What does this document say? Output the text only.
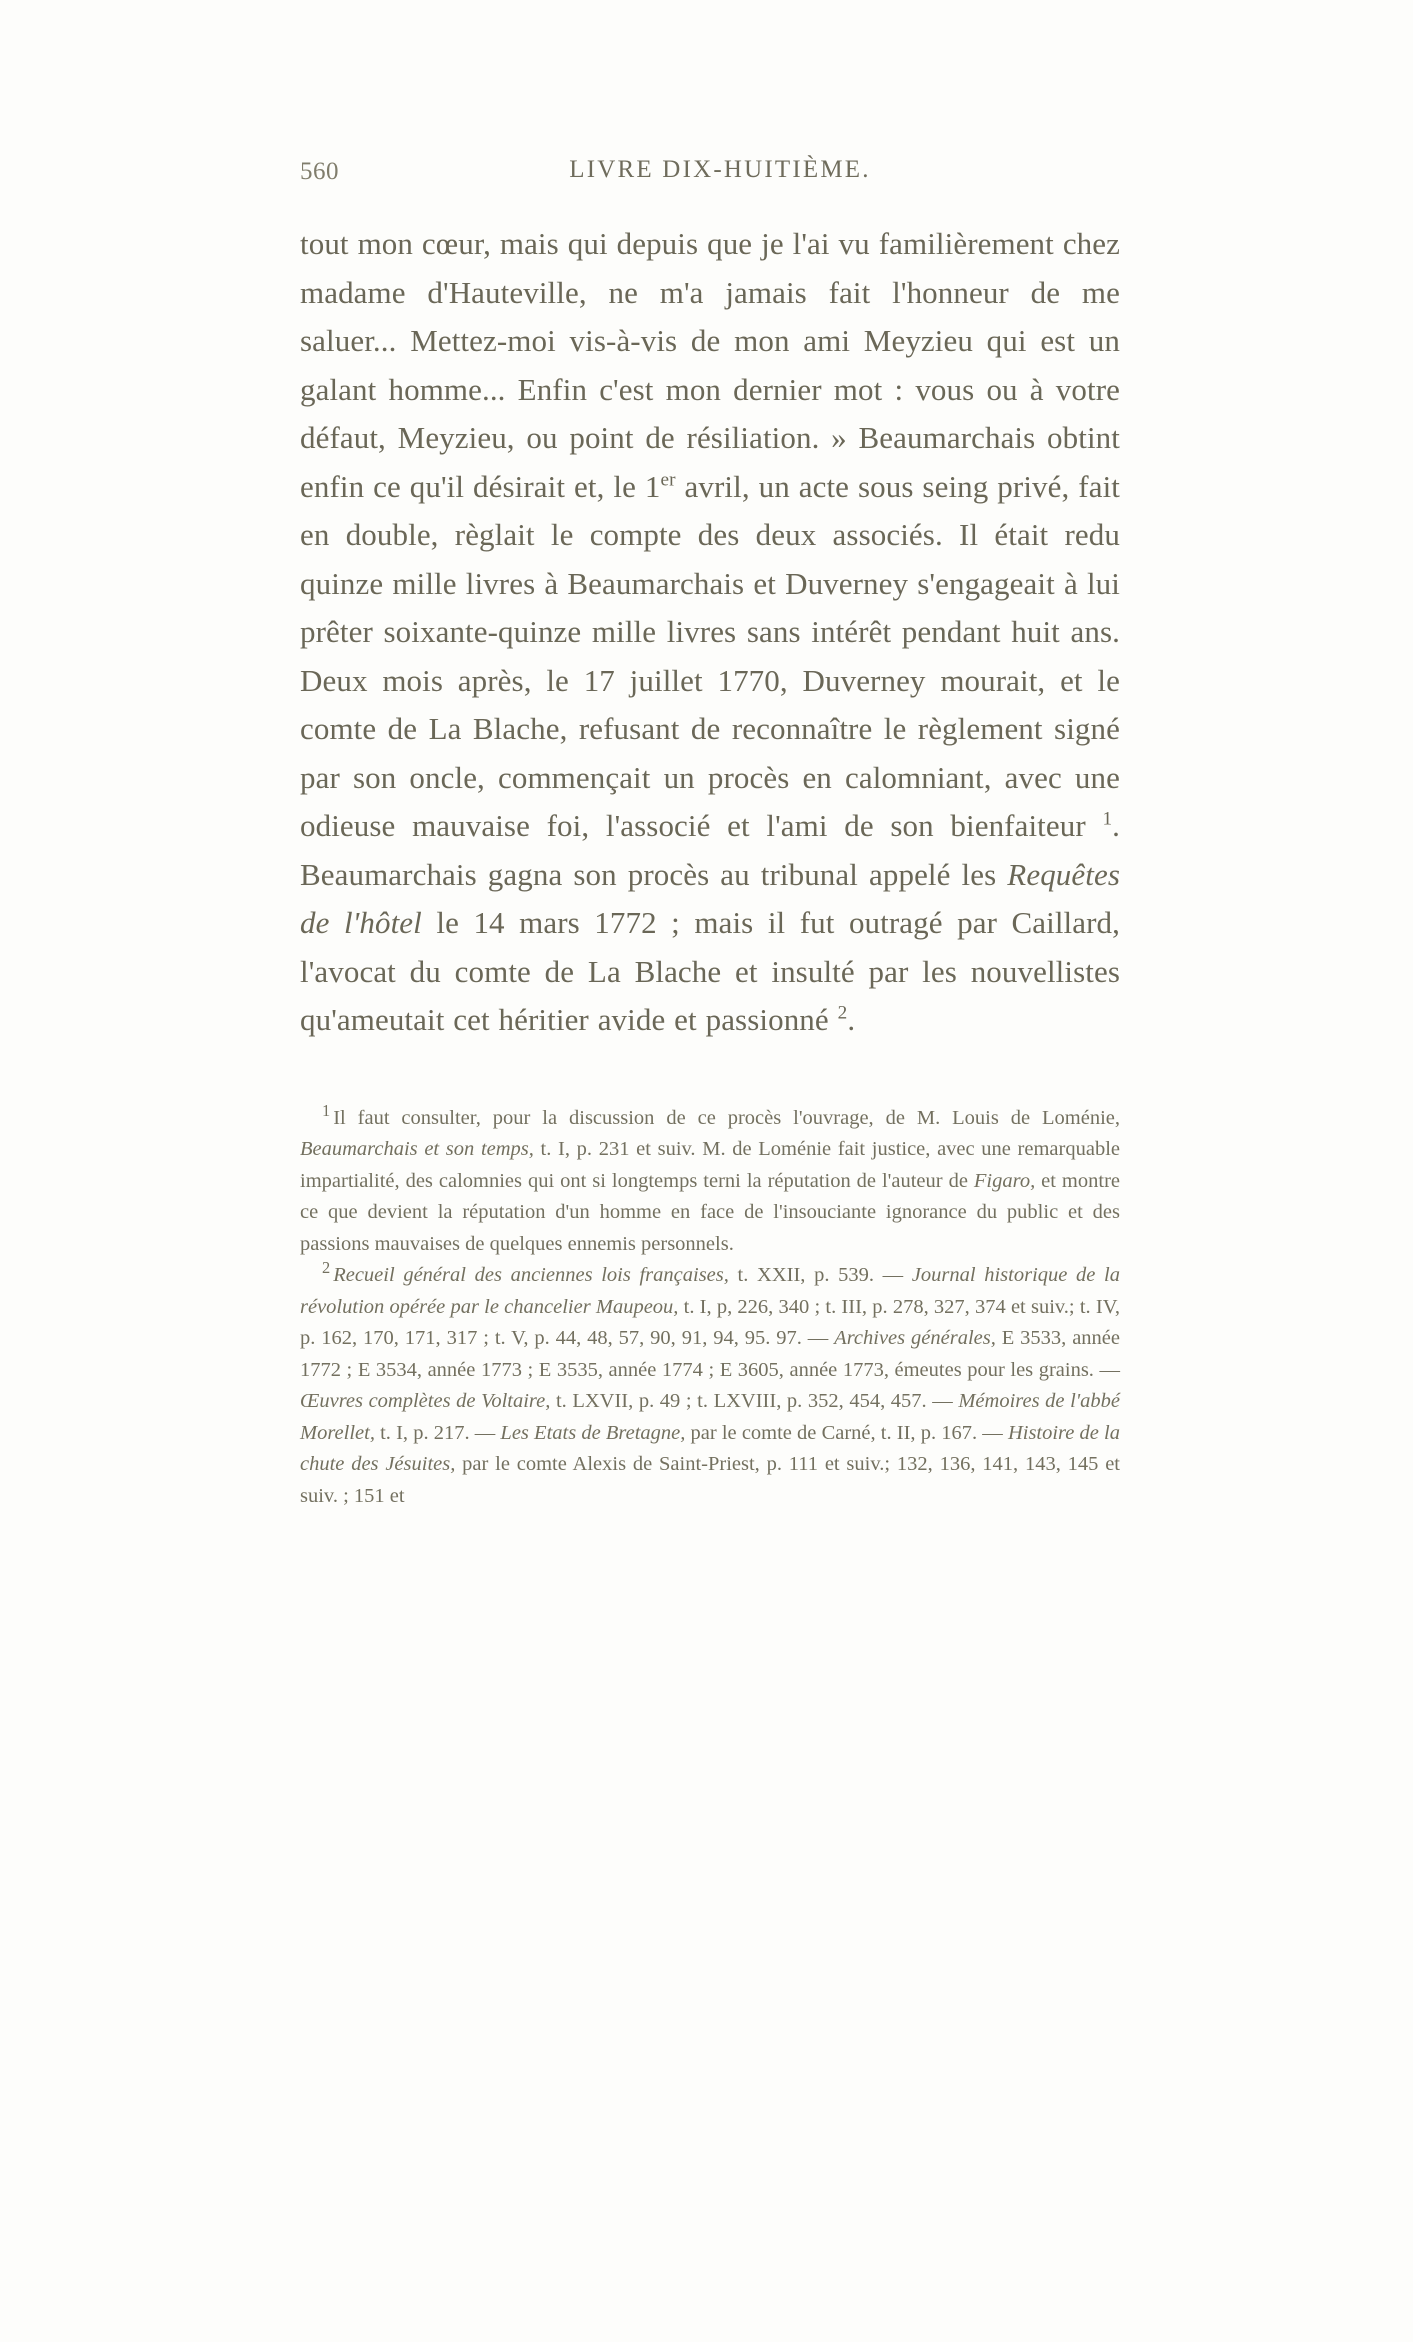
560	LIVRE DIX-HUITIÈME.

tout mon cœur, mais qui depuis que je l'ai vu familièrement chez madame d'Hauteville, ne m'a jamais fait l'honneur de me saluer... Mettez-moi vis-à-vis de mon ami Meyzieu qui est un galant homme... Enfin c'est mon dernier mot : vous ou à votre défaut, Meyzieu, ou point de résiliation. » Beaumarchais obtint enfin ce qu'il désirait et, le 1er avril, un acte sous seing privé, fait en double, règlait le compte des deux associés. Il était redu quinze mille livres à Beaumarchais et Duverney s'engageait à lui prêter soixante-quinze mille livres sans intérêt pendant huit ans. Deux mois après, le 17 juillet 1770, Duverney mourait, et le comte de La Blache, refusant de reconnaître le règlement signé par son oncle, commençait un procès en calomniant, avec une odieuse mauvaise foi, l'associé et l'ami de son bienfaiteur $^1$. Beaumarchais gagna son procès au tribunal appelé les Requêtes de l'hôtel le 14 mars 1772 ; mais il fut outragé par Caillard, l'avocat du comte de La Blache et insulté par les nouvellistes qu'ameutait cet héritier avide et passionné $^2$.

$^1$ Il faut consulter, pour la discussion de ce procès l'ouvrage, de M. Louis de Loménie, Beaumarchais et son temps, t. I, p. 231 et suiv. M. de Loménie fait justice, avec une remarquable impartialité, des calomnies qui ont si longtemps terni la réputation de l'auteur de Figaro, et montre ce que devient la réputation d'un homme en face de l'insouciante ignorance du public et des passions mauvaises de quelques ennemis personnels.

$^2$ Recueil général des anciennes lois françaises, t. XXII, p. 539. — Journal historique de la révolution opérée par le chancelier Maupeou, t. I, p, 226, 340 ; t. III, p. 278, 327, 374 et suiv.; t. IV, p. 162, 170, 171, 317 ; t. V, p. 44, 48, 57, 90, 91, 94, 95. 97. — Archives générales, E 3533, année 1772 ; E 3534, année 1773 ; E 3535, année 1774 ; E 3605, année 1773, émeutes pour les grains. — Œuvres complètes de Voltaire, t. LXVII, p. 49 ; t. LXVIII, p. 352, 454, 457. — Mémoires de l'abbé Morellet, t. I, p. 217. — Les Etats de Bretagne, par le comte de Carné, t. II, p. 167. — Histoire de la chute des Jésuites, par le comte Alexis de Saint-Priest, p. 111 et suiv.; 132, 136, 141, 143, 145 et suiv. ; 151 et
